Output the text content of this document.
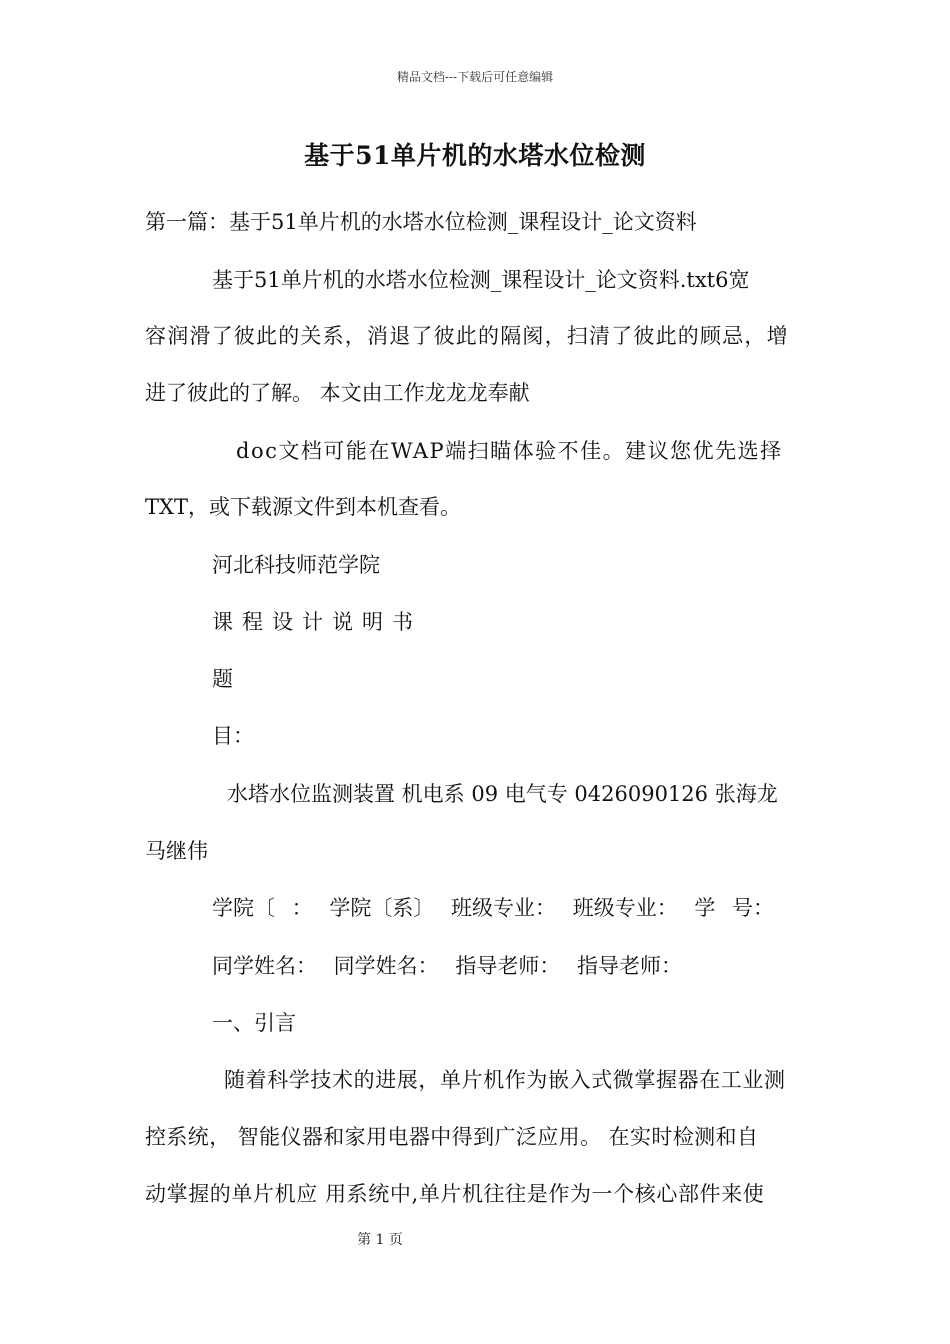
精品文档---下载后可任意编辑
基于51单片机的水塔水位检测
第一篇：基于51单片机的水塔水位检测_课程设计_论文资料
基于51单片机的水塔水位检测_课程设计_论文资料.txt6宽
容润滑了彼此的关系，消退了彼此的隔阂，扫清了彼此的顾忌，增
进了彼此的了解。 本文由工作龙龙龙奉献
doc文档可能在WAP端扫瞄体验不佳。建议您优先选择
TXT，或下载源文件到本机查看。
河北科技师范学院
课程设计说明书
题
目：
水塔水位监测装置 机电系 09 电气专 0426090126 张海龙
马继伟
学院〔 ： 学院〔系〕 班级专业： 班级专业： 学 号：
同学姓名： 同学姓名： 指导老师： 指导老师：
一、引言
随着科学技术的进展，单片机作为嵌入式微掌握器在工业测
控系统， 智能仪器和家用电器中得到广泛应用。 在实时检测和自
动掌握的单片机应 用系统中,单片机往往是作为一个核心部件来使
第 1 页
